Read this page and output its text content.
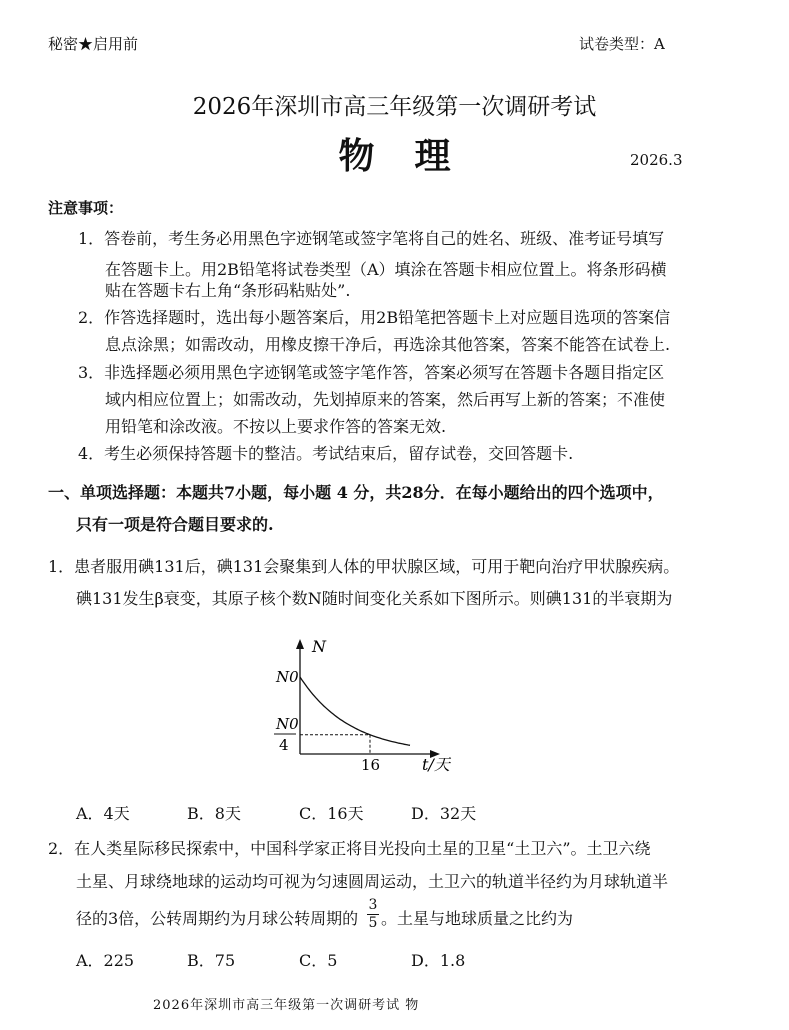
秘密★启用前	试卷类型：A
2026年深圳市高三年级第一次调研考试
物理	2026.3
注意事项：
1．答卷前，考生务必用黑色字迹钢笔或签字笔将自己的姓名、班级、准考证号填写
在答题卡上。用2B铅笔将试卷类型（A）填涂在答题卡相应位置上。将条形码横
贴在答题卡右上角“条形码粘贴处”.
2．作答选择题时，选出每小题答案后，用2B铅笔把答题卡上对应题目选项的答案信
息点涂黑；如需改动，用橡皮擦干净后，再选涂其他答案，答案不能答在试卷上.
3．非选择题必须用黑色字迹钢笔或签字笔作答，答案必须写在答题卡各题目指定区
域内相应位置上；如需改动，先划掉原来的答案，然后再写上新的答案；不准使
用铅笔和涂改液。不按以上要求作答的答案无效.
4．考生必须保持答题卡的整洁。考试结束后，留存试卷，交回答题卡.
一、单项选择题：本题共7小题，每小题 4 分，共28分．在每小题给出的四个选项中，
只有一项是符合题目要求的.
1．患者服用碘131后，碘131会聚集到人体的甲状腺区域，可用于靶向治疗甲状腺疾病。
碘131发生β衰变，其原子核个数N随时间变化关系如下图所示。则碘131的半衰期为
N
N0
N0
4
16	t/天
A．4天	B．8天	C．16天	D．32天
2．在人类星际移民探索中，中国科学家正将目光投向土星的卫星“土卫六”。土卫六绕
土星、月球绕地球的运动均可视为匀速圆周运动，土卫六的轨道半径约为月球轨道半
径的3倍，公转周期约为月球公转周期的
3
5 。土星与地球质量之比约为
A．225	B．75	C．5	D．1.8
2026年深圳市高三年级第一次调研考试 物
